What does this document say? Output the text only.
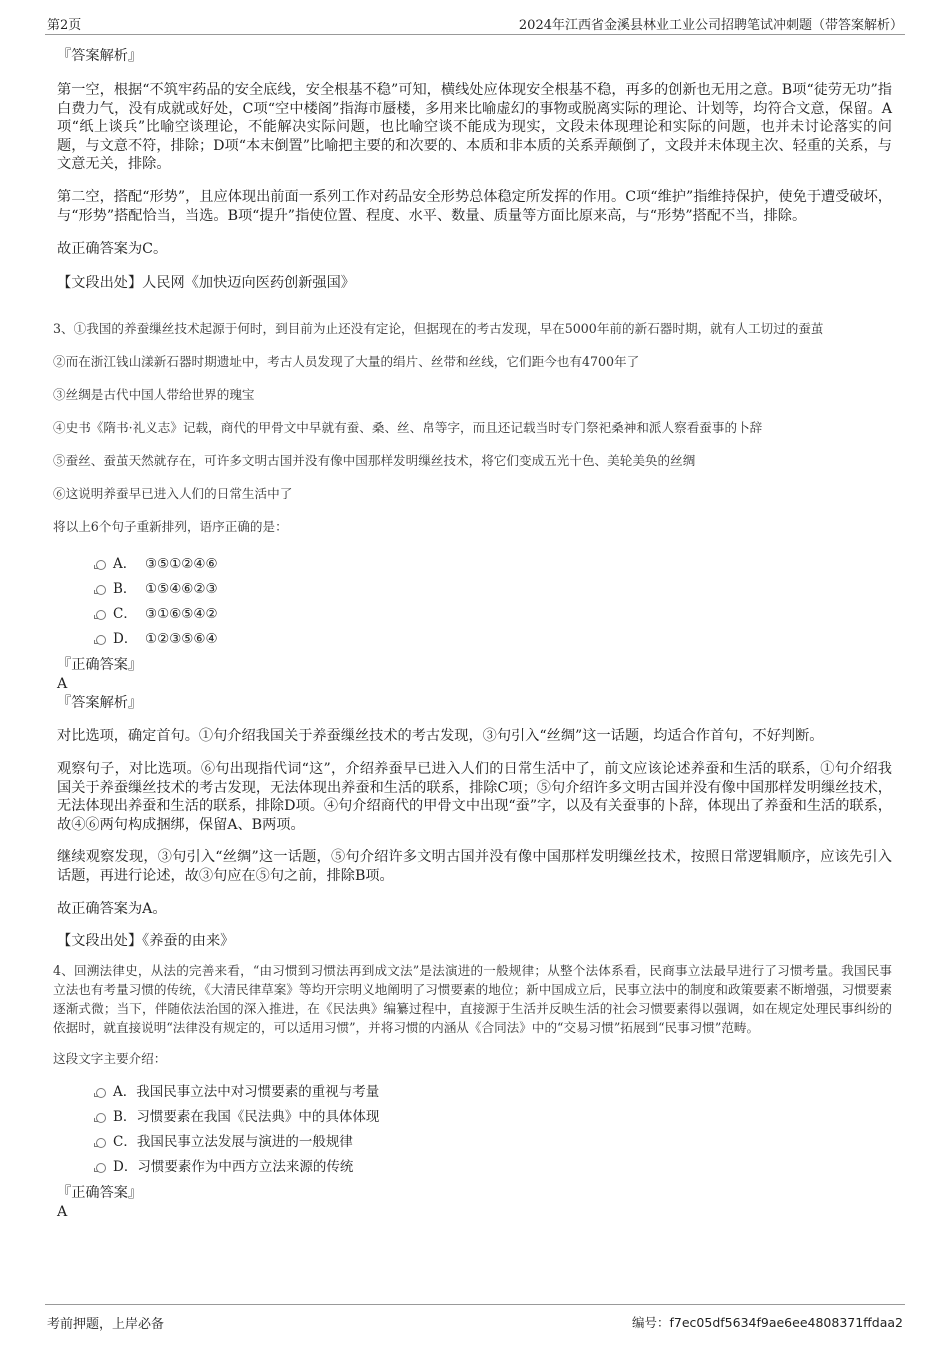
第2页	2024年江西省金溪县林业工业公司招聘笔试冲刺题（带答案解析）

『答案解析』

第一空，根据“不筑牢药品的安全底线，安全根基不稳”可知，横线处应体现安全根基不稳，再多的创新也无用之意。B项“徒劳无功”指白费力气，没有成就或好处，C项“空中楼阁”指海市蜃楼，多用来比喻虚幻的事物或脱离实际的理论、计划等，均符合文意，保留。A项“纸上谈兵”比喻空谈理论，不能解决实际问题，也比喻空谈不能成为现实，文段未体现理论和实际的问题，也并未讨论落实的问题，与文意不符，排除；D项“本末倒置”比喻把主要的和次要的、本质和非本质的关系弄颠倒了，文段并未体现主次、轻重的关系，与文意无关，排除。

第二空，搭配“形势”，且应体现出前面一系列工作对药品安全形势总体稳定所发挥的作用。C项“维护”指维持保护，使免于遭受破坏，与“形势”搭配恰当，当选。B项“提升”指使位置、程度、水平、数量、质量等方面比原来高，与“形势”搭配不当，排除。

故正确答案为C。

【文段出处】人民网《加快迈向医药创新强国》

3、①我国的养蚕缫丝技术起源于何时，到目前为止还没有定论，但据现在的考古发现，早在5000年前的新石器时期，就有人工切过的蚕茧

②而在浙江钱山漾新石器时期遗址中，考古人员发现了大量的绢片、丝带和丝线，它们距今也有4700年了

③丝绸是古代中国人带给世界的瑰宝

④史书《隋书·礼义志》记载，商代的甲骨文中早就有蚕、桑、丝、帛等字，而且还记载当时专门祭祀桑神和派人察看蚕事的卜辞

⑤蚕丝、蚕茧天然就存在，可许多文明古国并没有像中国那样发明缫丝技术，将它们变成五光十色、美轮美奂的丝绸

⑥这说明养蚕早已进入人们的日常生活中了

将以上6个句子重新排列，语序正确的是：

A． ③⑤①②④⑥
B． ①⑤④⑥②③
C． ③①⑥⑤④②
D． ①②③⑤⑥④

『正确答案』

A

『答案解析』

对比选项，确定首句。①句介绍我国关于养蚕缫丝技术的考古发现，③句引入“丝绸”这一话题，均适合作首句，不好判断。

观察句子，对比选项。⑥句出现指代词“这”，介绍养蚕早已进入人们的日常生活中了，前文应该论述养蚕和生活的联系，①句介绍我国关于养蚕缫丝技术的考古发现，无法体现出养蚕和生活的联系，排除C项；⑤句介绍许多文明古国并没有像中国那样发明缫丝技术，无法体现出养蚕和生活的联系，排除D项。④句介绍商代的甲骨文中出现“蚕”字，以及有关蚕事的卜辞，体现出了养蚕和生活的联系，故④⑥两句构成捆绑，保留A、B两项。

继续观察发现，③句引入“丝绸”这一话题，⑤句介绍许多文明古国并没有像中国那样发明缫丝技术，按照日常逻辑顺序，应该先引入话题，再进行论述，故③句应在⑤句之前，排除B项。

故正确答案为A。

【文段出处】《养蚕的由来》

4、回溯法律史，从法的完善来看，“由习惯到习惯法再到成文法”是法演进的一般规律；从整个法体系看，民商事立法最早进行了习惯考量。我国民事立法也有考量习惯的传统，《大清民律草案》等均开宗明义地阐明了习惯要素的地位；新中国成立后，民事立法中的制度和政策要素不断增强，习惯要素逐渐式微；当下，伴随依法治国的深入推进，在《民法典》编纂过程中，直接源于生活并反映生活的社会习惯要素得以强调，如在规定处理民事纠纷的依据时，就直接说明“法律没有规定的，可以适用习惯”，并将习惯的内涵从《合同法》中的“交易习惯”拓展到“民事习惯”范畴。

这段文字主要介绍：

A．我国民事立法中对习惯要素的重视与考量
B．习惯要素在我国《民法典》中的具体体现
C．我国民事立法发展与演进的一般规律
D．习惯要素作为中西方立法来源的传统

『正确答案』

A

考前押题，上岸必备	编号：f7ec05df5634f9ae6ee4808371ffdaa2
